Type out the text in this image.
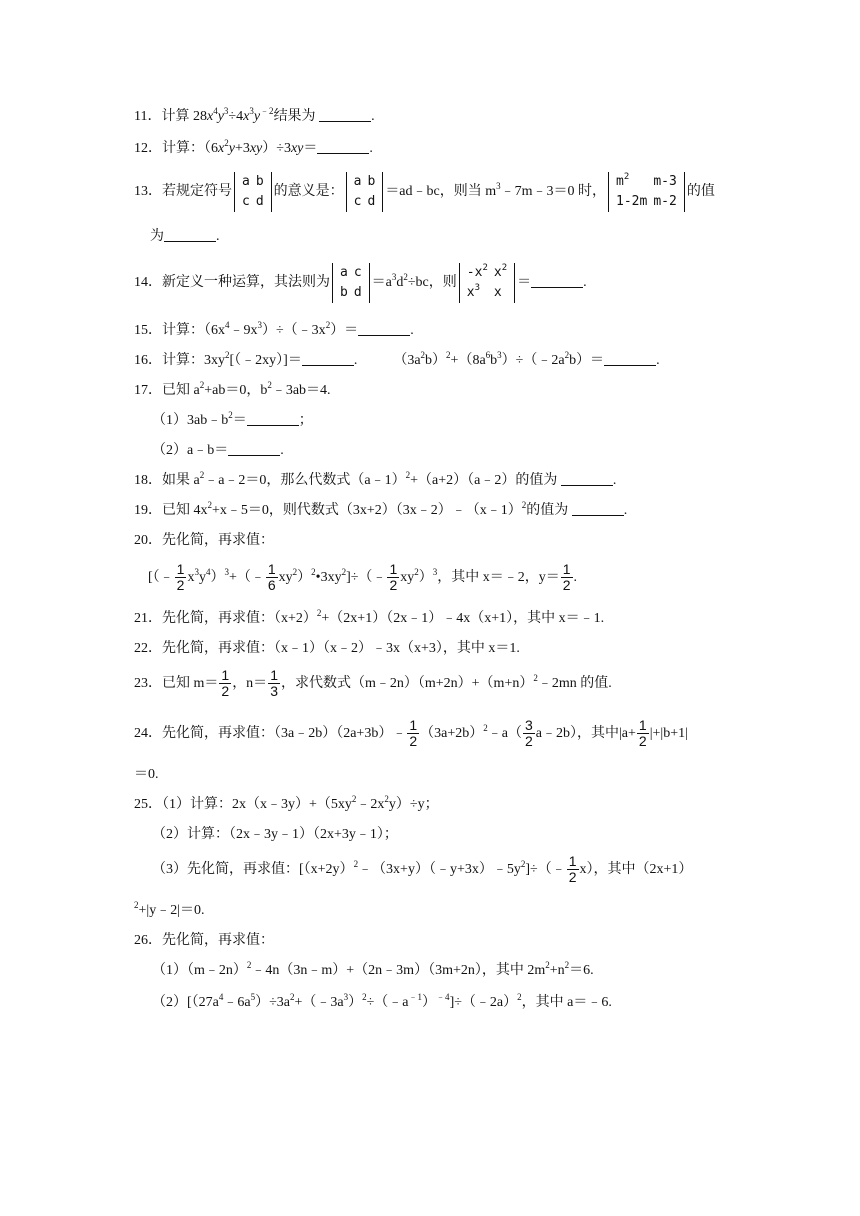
11．计算 $28x^4y^3\div 4x^3y^{﹣2}$结果为	.
12．计算：$(6x^2y+3xy)\div 3xy=$	.
13．若规定符号
a	b
c	d
的意义是：
a	b
c	d
＝ad﹣bc，则当 $m^3﹣7m﹣3=0$ 时，
$m^2$	m-3
1-2m	m-2
的值
为	.
14．新定义一种运算，其法则为
a	c
b	d
$=a^3d^2\div bc$，则
$-x^2$	$x^2$
$x^3$	x
＝	.
15．计算：$(6x^4﹣9x^3)\div(﹣3x^2)=$	.
16．计算：$3xy^2[(﹣2xy)]=$	.	$(3a^2b)^2+(8a^6b^3)\div(﹣2a^2b)=$	.
17．已知 $a^2+ab=0$，$b^2﹣3ab=4$.
$(1)3ab﹣b^2=$	；
（2）a﹣b＝	.
18．如果 $a^2﹣a﹣2=0$，那么代数式（a﹣1）$^2$+（a+2）（a﹣2）的值为	.
19．已知 $4x^2+x﹣5=0$，则代数式（3x+2）（3x﹣2）﹣（x﹣1）$^2$的值为	.
20．先化简，再求值：
[（﹣ $\frac{1}{2}$ $x^3y^4)^3+(﹣ \frac{1}{6}$ $xy^2)^2•3xy^2]\div(﹣ \frac{1}{2} xy^2)^3$，其中 x＝﹣2，$y= \frac{1}{2}$ .
21．先化简，再求值：$(x+2)^2+(2x+1)(2x﹣1)﹣4x(x+1)$，其中 x＝﹣1.
22．先化简，再求值：（x﹣1）（x﹣2）﹣3x（x+3），其中 x＝1.
23．已知 $m= \frac{1}{2}$ ，$n= \frac{1}{3}$ ，求代数式$(m﹣2n)(m+2n)+(m+n)^2﹣2mn$ 的值.
24．先化简，再求值：（3a﹣2b）（2a+3b）﹣ $\frac{1}{2}$ $(3a+2b)^2﹣a( \frac{3}{2}$ a﹣2b），其中$|a+ \frac{1}{2} |+|b+1|$
＝0.
25．（1）计算：$2x(x﹣3y)+(5xy^2﹣2x^2y)\div y$；
（2）计算：（2x﹣3y﹣1）（2x+3y﹣1）；
（3）先化简，再求值：$[(x+2y)^2﹣(3x+y)(﹣y+3x)﹣5y^2]\div(﹣ \frac{1}{2} x)$，其中（2x+1）
$^2$+|y﹣2|＝0.
26．先化简，再求值：
（1）（m﹣2n）$^2$﹣4n（3n﹣m）+（2n﹣3m）（3m+2n），其中 $2m^2+n^2=6$.
$(2)[(27a^4﹣6a^5)\div 3a^2+(﹣3a^3)^2\div(﹣a^{﹣1})^{﹣4}]\div(﹣2a)^2$，其中 a＝﹣6.
